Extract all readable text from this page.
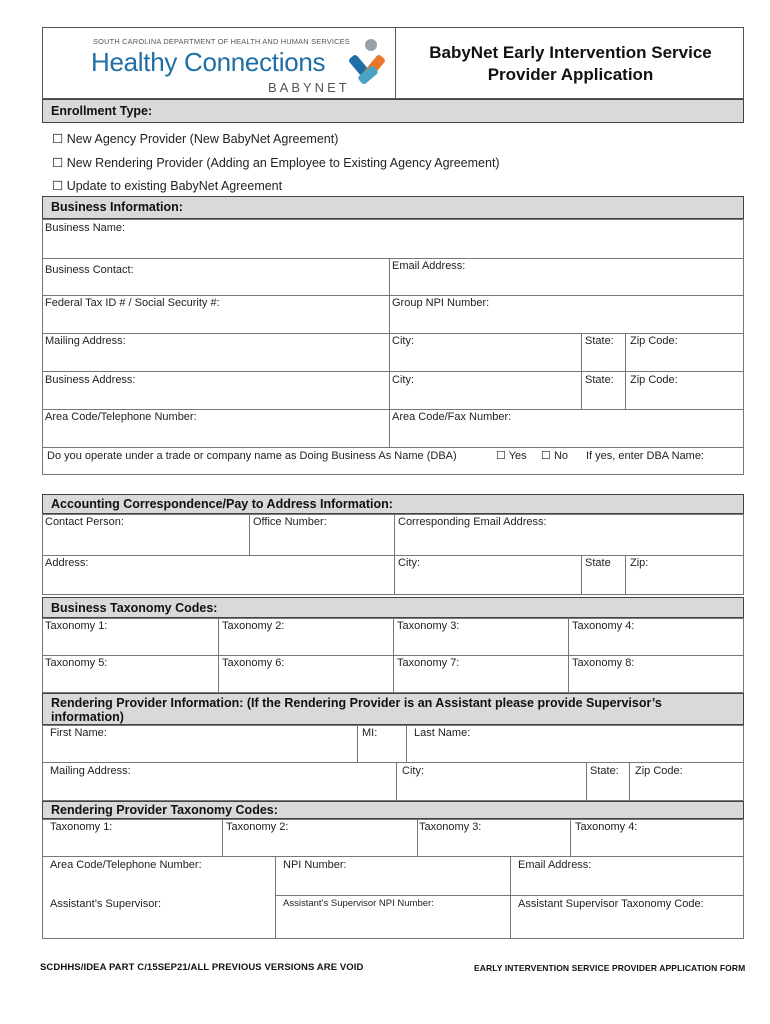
SOUTH CAROLINA DEPARTMENT OF HEALTH AND HUMAN SERVICES
Healthy Connections
BABYNET
BabyNet Early Intervention Service
Provider Application
Enrollment Type:
☐ New Agency Provider (New BabyNet Agreement)
☐ New Rendering Provider (Adding an Employee to Existing Agency Agreement)
☐ Update to existing BabyNet Agreement
Business Information:
Business Name:
Business Contact:	Email Address:
Federal Tax ID # / Social Security #:	Group NPI Number:
Mailing Address:	City:	State: Zip Code:
Business Address:	City:	State: Zip Code:
Area Code/Telephone Number:	Area Code/Fax Number:
Do you operate under a trade or company name as Doing Business As Name (DBA)	☐ Yes ☐ No If yes, enter DBA Name:
Accounting Correspondence/Pay to Address Information:
Contact Person:	Office Number:	Corresponding Email Address:
Address:	City:	State Zip:
Business Taxonomy Codes:
Taxonomy 1:	Taxonomy 2:	Taxonomy 3:	Taxonomy 4:
Taxonomy 5:	Taxonomy 6:	Taxonomy 7:	Taxonomy 8:
Rendering Provider Information: (If the Rendering Provider is an Assistant please provide Supervisor’s
information)
First Name:	MI:	Last Name:
Mailing Address:	City:	State: Zip Code:
Rendering Provider Taxonomy Codes:
Taxonomy 1:	Taxonomy 2:	Taxonomy 3:	Taxonomy 4:
Area Code/Telephone Number:	NPI Number:	Email Address:
Assistant’s Supervisor:	Assistant’s Supervisor NPI Number:	Assistant Supervisor Taxonomy Code:
SCDHHS/IDEA PART C/15SEP21/ALL PREVIOUS VERSIONS ARE VOID	EARLY INTERVENTION SERVICE PROVIDER APPLICATION FORM
